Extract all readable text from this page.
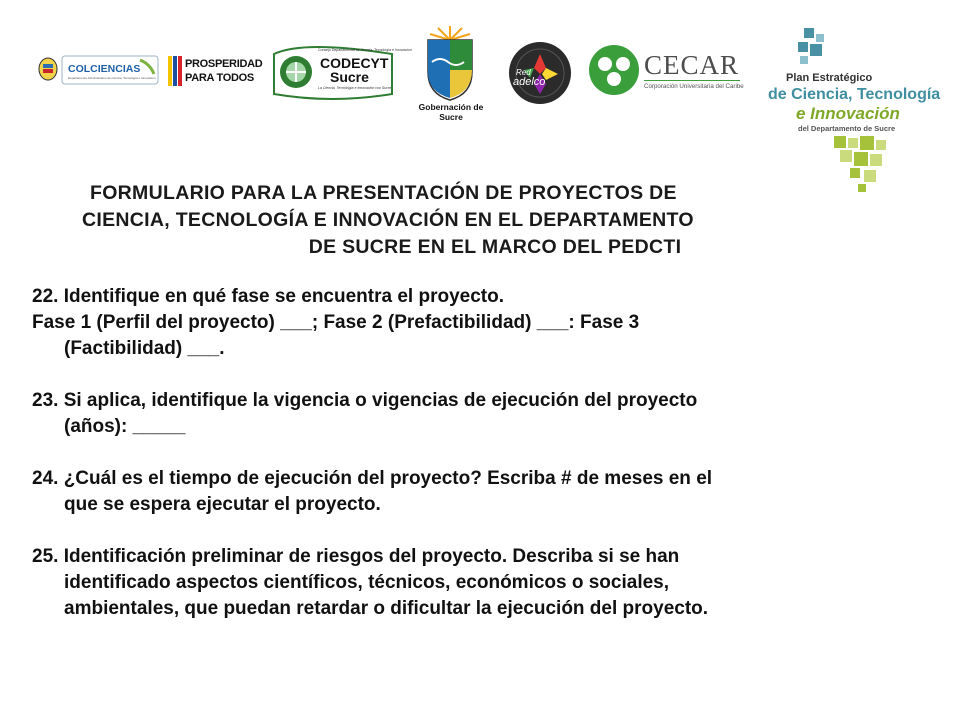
COLCIENCIAS
Departamento Administrativo de Ciencia, Tecnología e Innovación
PROSPERIDAD
PARA TODOS
Consejo Departamental de Ciencia, Tecnología e Innovación
CODECYT
Sucre
La Ciencia, Tecnología e Innovación con Sucre
Gobernación de Sucre
Red
adelco
CECAR
Corporación Universitaria del Caribe
Plan Estratégico
de Ciencia, Tecnología
e Innovación
del Departamento de Sucre
FORMULARIO PARA LA PRESENTACIÓN DE PROYECTOS DE
CIENCIA, TECNOLOGÍA E INNOVACIÓN EN EL DEPARTAMENTO
DE SUCRE EN EL MARCO DEL PEDCTI
22. Identifique en qué fase se encuentra el proyecto.
Fase 1 (Perfil del proyecto) ___; Fase 2 (Prefactibilidad) ___: Fase 3
(Factibilidad) ___.
23. Si aplica, identifique la vigencia o vigencias de ejecución del proyecto
(años): _____
24. ¿Cuál es el tiempo de ejecución del proyecto? Escriba # de meses en el
que se espera ejecutar el proyecto.
25. Identificación preliminar de riesgos del proyecto. Describa si se han
identificado aspectos científicos, técnicos, económicos o sociales,
ambientales, que puedan retardar o dificultar la ejecución del proyecto.
